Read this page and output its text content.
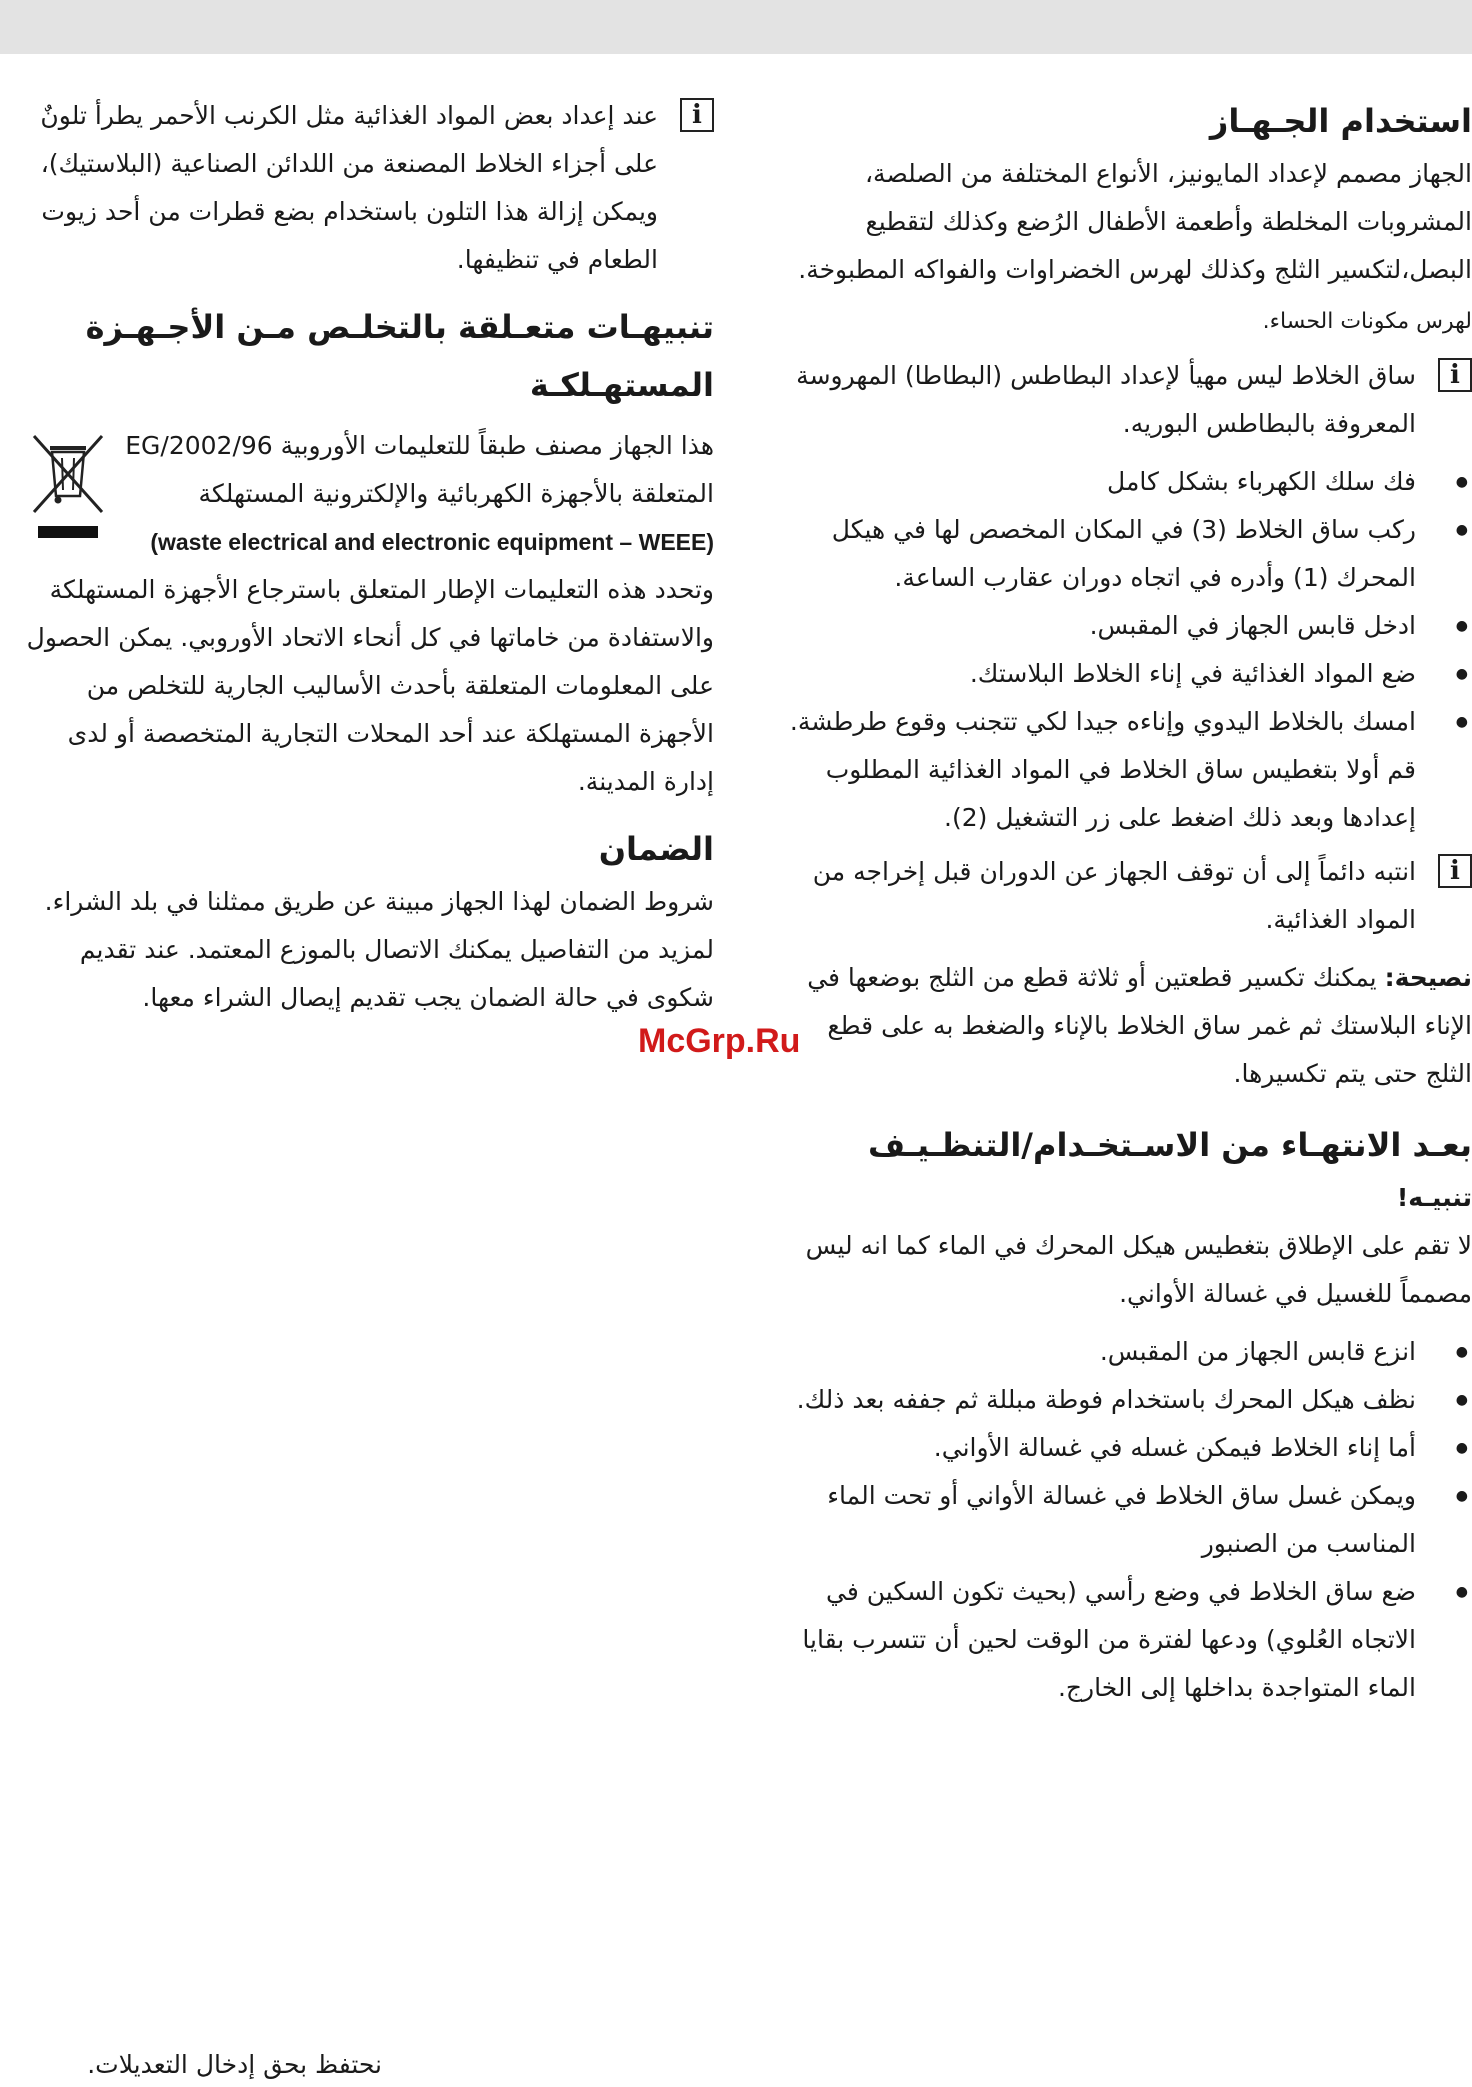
استخدام الجـهـاز

الجهاز مصمم لإعداد المايونيز، الأنواع المختلفة من الصلصة، المشروبات المخلطة وأطعمة الأطفال الرُضع وكذلك لتقطيع البصل،لتكسير الثلج وكذلك لهرس الخضراوات والفواكه المطبوخة.

لهرس مكونات الحساء.

i
ساق الخلاط ليس مهيأ لإعداد البطاطس (البطاطا) المهروسة المعروفة بالبطاطس البوريه.
● فك سلك الكهرباء بشكل كامل
● ركب ساق الخلاط (3) في المكان المخصص لها في هيكل المحرك (1) وأدره في اتجاه دوران عقارب الساعة.
● ادخل قابس الجهاز في المقبس.
● ضع المواد الغذائية في إناء الخلاط البلاستك.
● امسك بالخلاط اليدوي وإناءه جيدا لكي تتجنب وقوع طرطشة. قم أولا بتغطيس ساق الخلاط في المواد الغذائية المطلوب إعدادها وبعد ذلك اضغط على زر التشغيل (2).
i
انتبه دائماً إلى أن توقف الجهاز عن الدوران قبل إخراجه من المواد الغذائية.

نصيحة: يمكنك تكسير قطعتين أو ثلاثة قطع من الثلج بوضعها في الإناء البلاستك ثم غمر ساق الخلاط بالإناء والضغط به على قطع الثلج حتى يتم تكسيرها.

بعـد الانتهـاء من الاسـتخـدام/التنظـيـف

تنبيـه!

لا تقم على الإطلاق بتغطيس هيكل المحرك في الماء كما انه ليس مصمماً للغسيل في غسالة الأواني.

● انزع قابس الجهاز من المقبس.
● نظف هيكل المحرك باستخدام فوطة مبللة ثم جففه بعد ذلك.
● أما إناء الخلاط فيمكن غسله في غسالة الأواني.
● ويمكن غسل ساق الخلاط في غسالة الأواني أو تحت الماء المناسب من الصنبور
● ضع ساق الخلاط في وضع رأسي (بحيث تكون السكين في الاتجاه العُلوي) ودعها لفترة من الوقت لحين أن تتسرب بقايا الماء المتواجدة بداخلها إلى الخارج.
i
عند إعداد بعض المواد الغذائية مثل الكرنب الأحمر يطرأ تلونٌ على أجزاء الخلاط المصنعة من اللدائن الصناعية (البلاستيك)، ويمكن إزالة هذا التلون باستخدام بضع قطرات من أحد زيوت الطعام في تنظيفها.
تنبيهـات متعـلقة بالتخلـص مـن الأجـهـزة المستهـلكـة
هذا الجهاز مصنف طبقاً للتعليمات الأوروبية 2002/96/EG المتعلقة بالأجهزة الكهربائية والإلكترونية المستهلكة

(waste electrical and electronic equipment – WEEE)

وتحدد هذه التعليمات الإطار المتعلق باسترجاع الأجهزة المستهلكة والاستفادة من خاماتها في كل أنحاء الاتحاد الأوروبي. يمكن الحصول على المعلومات المتعلقة بأحدث الأساليب الجارية للتخلص من الأجهزة المستهلكة عند أحد المحلات التجارية المتخصصة أو لدى إدارة المدينة.

الضمان

شروط الضمان لهذا الجهاز مبينة عن طريق ممثلنا في بلد الشراء. لمزيد من التفاصيل يمكنك الاتصال بالموزع المعتمد. عند تقديم شكوى في حالة الضمان يجب تقديم إيصال الشراء معها.

McGrp.Ru
نحتفظ بحق إدخال التعديلات.
